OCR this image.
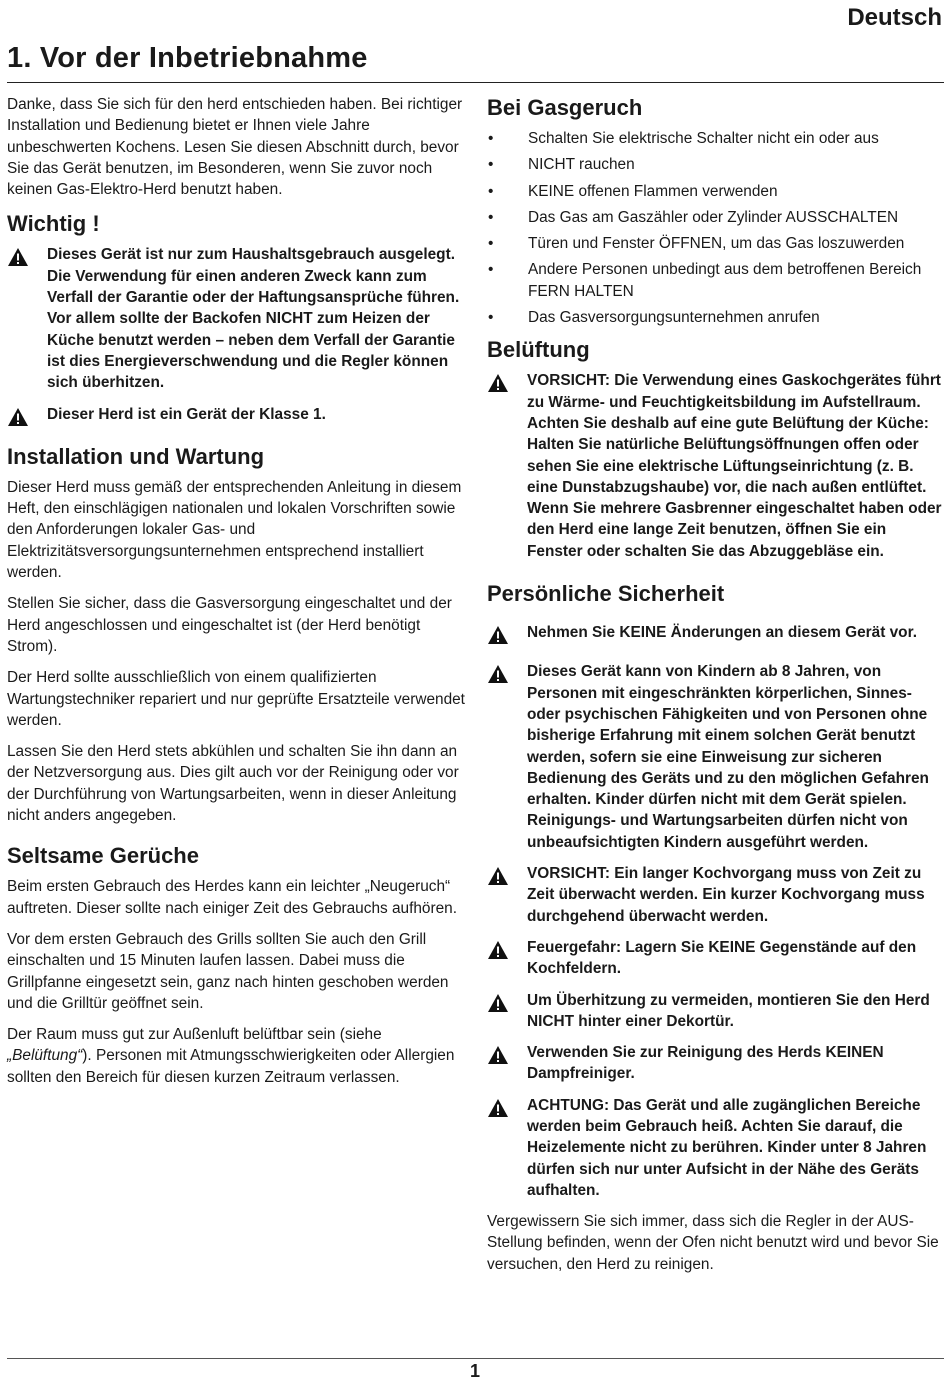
Deutsch
1. Vor der Inbetriebnahme

Danke, dass Sie sich für den herd entschieden haben. Bei richtiger Installation und Bedienung bietet er Ihnen viele Jahre unbeschwerten Kochens. Lesen Sie diesen Abschnitt durch, bevor Sie das Gerät benutzen, im Besonderen, wenn Sie zuvor noch keinen Gas-Elektro-Herd benutzt haben.

Wichtig !
Dieses Gerät ist nur zum Haushaltsgebrauch ausgelegt. Die Verwendung für einen anderen Zweck kann zum Verfall der Garantie oder der Haftungsansprüche führen. Vor allem sollte der Backofen NICHT zum Heizen der Küche benutzt werden – neben dem Verfall der Garantie ist dies Energieverschwendung und die Regler können sich überhitzen.
Dieser Herd ist ein Gerät der Klasse 1.
Installation und Wartung

Dieser Herd muss gemäß der entsprechenden Anleitung in diesem Heft, den einschlägigen nationalen und lokalen Vorschriften sowie den Anforderungen lokaler Gas- und Elektrizitätsversorgungsunternehmen entsprechend installiert werden.

Stellen Sie sicher, dass die Gasversorgung eingeschaltet und der Herd angeschlossen und eingeschaltet ist (der Herd benötigt Strom).

Der Herd sollte ausschließlich von einem qualifizierten Wartungstechniker repariert und nur geprüfte Ersatzteile verwendet werden.

Lassen Sie den Herd stets abkühlen und schalten Sie ihn dann an der Netzversorgung aus. Dies gilt auch vor der Reinigung oder vor der Durchführung von Wartungsarbeiten, wenn in dieser Anleitung nicht anders angegeben.

Seltsame Gerüche

Beim ersten Gebrauch des Herdes kann ein leichter „Neugeruch“ auftreten. Dieser sollte nach einiger Zeit des Gebrauchs aufhören.

Vor dem ersten Gebrauch des Grills sollten Sie auch den Grill einschalten und 15 Minuten laufen lassen. Dabei muss die Grillpfanne eingesetzt sein, ganz nach hinten geschoben werden und die Grilltür geöffnet sein.

Der Raum muss gut zur Außenluft belüftbar sein (siehe „Belüftung“). Personen mit Atmungsschwierigkeiten oder Allergien sollten den Bereich für diesen kurzen Zeitraum verlassen.

Bei Gasgeruch
•	Schalten Sie elektrische Schalter nicht ein oder aus
•	NICHT rauchen
•	KEINE offenen Flammen verwenden
•	Das Gas am Gaszähler oder Zylinder AUSSCHALTEN
•	Türen und Fenster ÖFFNEN, um das Gas loszuwerden
•	Andere Personen unbedingt aus dem betroffenen Bereich FERN HALTEN
•	Das Gasversorgungsunternehmen anrufen
Belüftung
VORSICHT: Die Verwendung eines Gaskochgerätes führt zu Wärme- und Feuchtigkeitsbildung im Aufstellraum. Achten Sie deshalb auf eine gute Belüftung der Küche: Halten Sie natürliche Belüftungsöffnungen offen oder sehen Sie eine elektrische Lüftungseinrichtung (z. B. eine Dunstabzugshaube) vor, die nach außen entlüftet. Wenn Sie mehrere Gasbrenner eingeschaltet haben oder den Herd eine lange Zeit benutzen, öffnen Sie ein Fenster oder schalten Sie das Abzuggebläse ein.
Persönliche Sicherheit
Nehmen Sie KEINE Änderungen an diesem Gerät vor.
Dieses Gerät kann von Kindern ab 8 Jahren, von Personen mit eingeschränkten körperlichen, Sinnes- oder psychischen Fähigkeiten und von Personen ohne bisherige Erfahrung mit einem solchen Gerät benutzt werden, sofern sie eine Einweisung zur sicheren Bedienung des Geräts und zu den möglichen Gefahren erhalten. Kinder dürfen nicht mit dem Gerät spielen. Reinigungs- und Wartungsarbeiten dürfen nicht von unbeaufsichtigten Kindern ausgeführt werden.
VORSICHT: Ein langer Kochvorgang muss von Zeit zu Zeit überwacht werden. Ein kurzer Kochvorgang muss durchgehend überwacht werden.
Feuergefahr: Lagern Sie KEINE Gegenstände auf den Kochfeldern.
Um Überhitzung zu vermeiden, montieren Sie den Herd NICHT hinter einer Dekortür.
Verwenden Sie zur Reinigung des Herds KEINEN Dampfreiniger.
ACHTUNG: Das Gerät und alle zugänglichen Bereiche werden beim Gebrauch heiß. Achten Sie darauf, die Heizelemente nicht zu berühren. Kinder unter 8 Jahren dürfen sich nur unter Aufsicht in der Nähe des Geräts aufhalten.

Vergewissern Sie sich immer, dass sich die Regler in der AUS-Stellung befinden, wenn der Ofen nicht benutzt wird und bevor Sie versuchen, den Herd zu reinigen.

1
